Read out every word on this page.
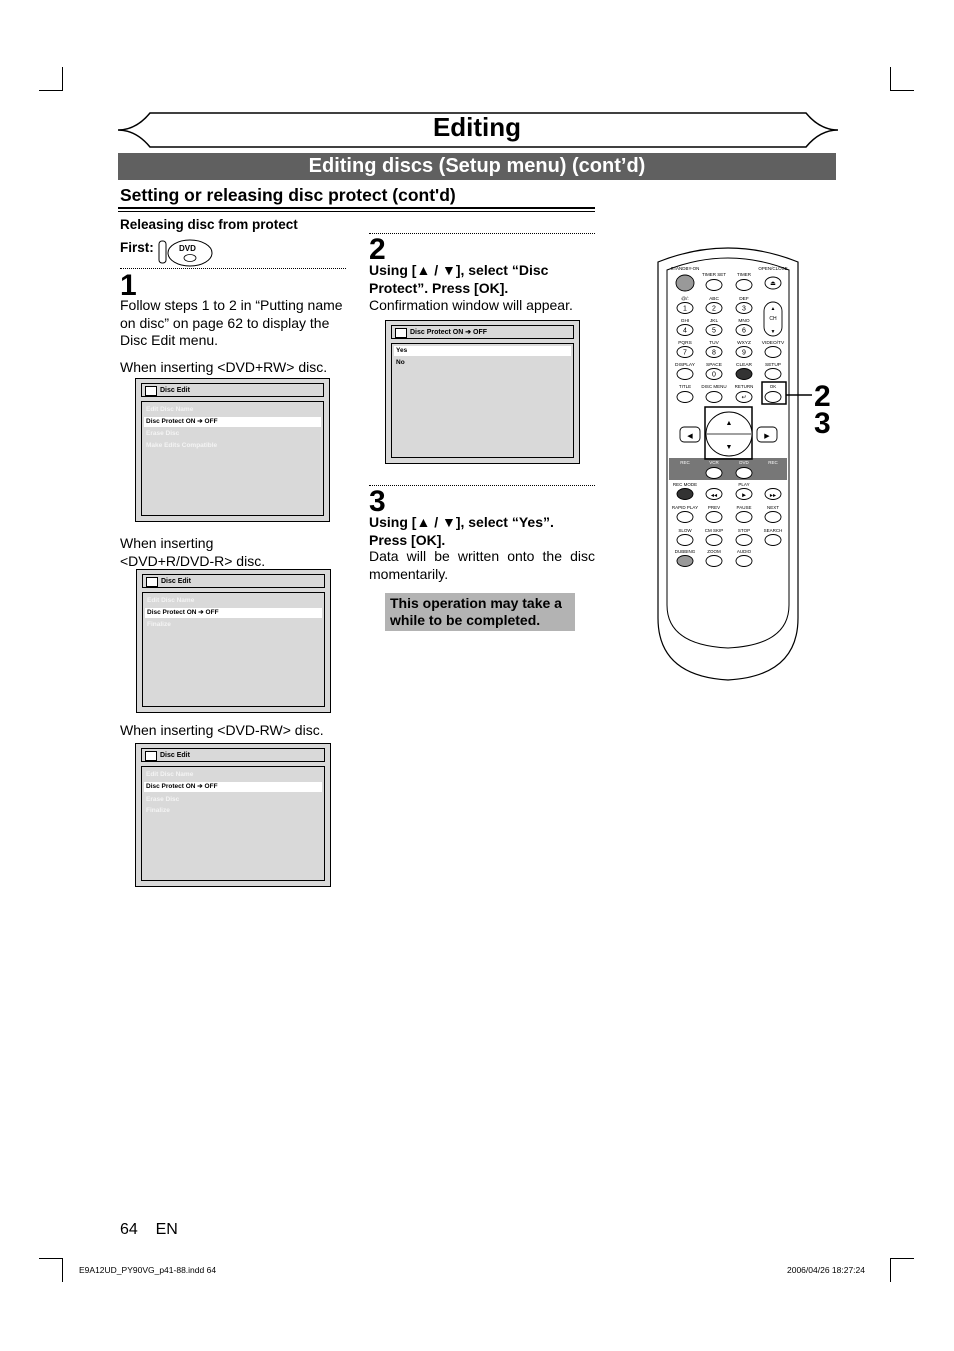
Editing
Editing discs (Setup menu) (cont’d)
Setting or releasing disc protect (cont'd)
Releasing disc from protect
First:	DVD
1
Follow steps 1 to 2 in “Putting name on disc” on page 62 to display the Disc Edit menu.
When inserting <DVD+RW> disc.
Disc Edit
Edit Disc Name
Disc Protect ON ➔ OFF
Erase Disc
Make Edits Compatible
When inserting
<DVD+R/DVD-R> disc.
Disc Edit
Edit Disc Name
Disc Protect ON ➔ OFF
Finalize
When inserting <DVD-RW> disc.
Disc Edit
Edit Disc Name
Disc Protect ON ➔ OFF
Erase Disc
Finalize
2
Using [▲ / ▼], select “Disc Protect”. Press [OK].
Confirmation window will appear.
Disc Protect ON ➔ OFF
Yes
No
3
Using [▲ / ▼], select “Yes”. Press [OK].
Data will be written onto the disc momentarily.
This operation may take a while to be completed.
STANDBY-ON
TIMER SET TIMER
OPEN/CLOSE
⏏
@/:
1
ABC
2
DEF
3
GHI
4
JKL
5
MNO
6
PQRS
7
TUV
8
WXYZ
9
VIDEO/TV
DISPLAY SPACE
0
CLEAR	SETUP
CH
▲
▼
TITLE DISC MENU RETURN	OK
↵
▲
▼
◀	▶
REC	VCR	DVD	REC
REC MODE	PLAY
▶
◀◀	▶▶
RAPID PLAY PREV	PAUSE	NEXT
SLOW	CM SKIP	STOP	SEARCH
DUBBING	ZOOM	AUDIO
2
3
64 EN
E9A12UD_PY90VG_p41-88.indd 64	2006/04/26 18:27:24
